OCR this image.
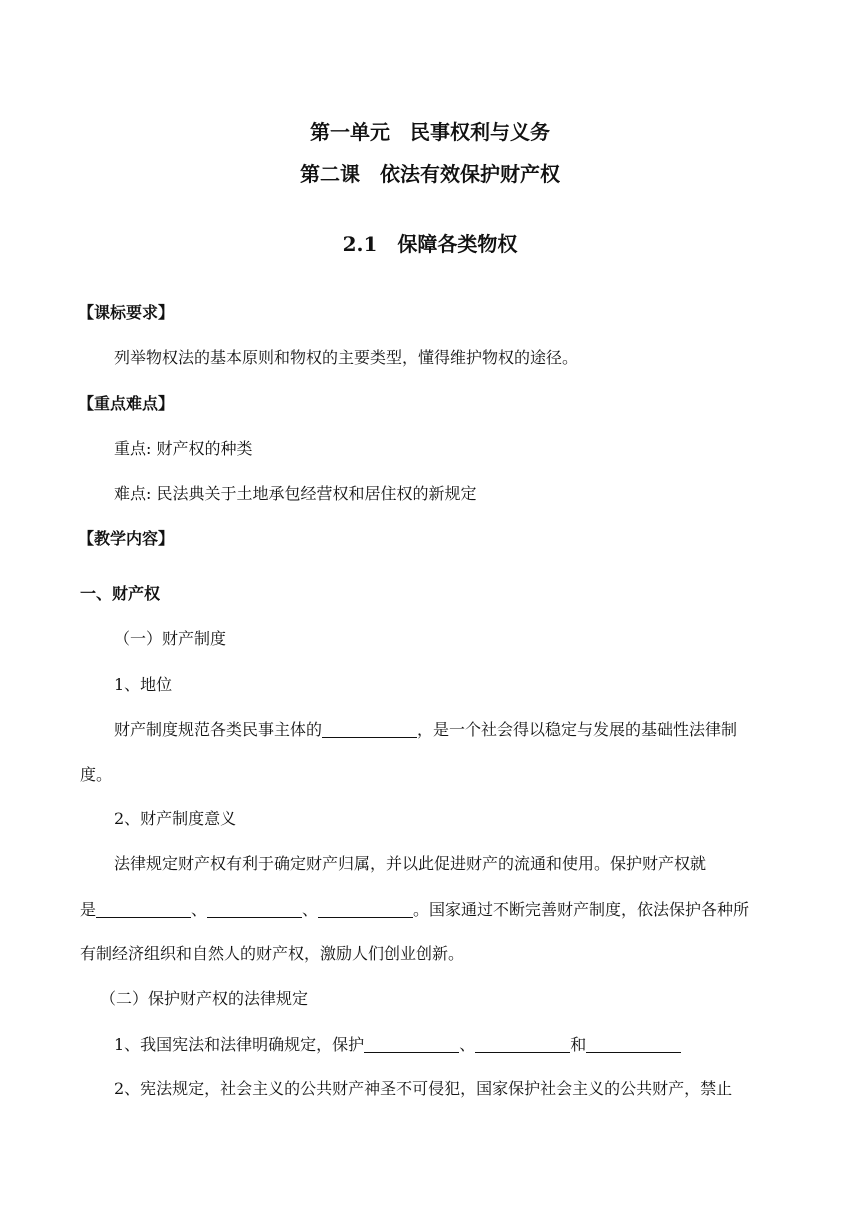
第一单元　民事权利与义务
第二课　依法有效保护财产权
2.1　保障各类物权
【课标要求】
列举物权法的基本原则和物权的主要类型，懂得维护物权的途径。
【重点难点】
重点: 财产权的种类
难点: 民法典关于土地承包经营权和居住权的新规定
【教学内容】
一、财产权
（一）财产制度
1、地位
财产制度规范各类民事主体的	，是一个社会得以稳定与发展的基础性法律制
度。
2、财产制度意义
法律规定财产权有利于确定财产归属，并以此促进财产的流通和使用。保护财产权就
是	、	、	。国家通过不断完善财产制度，依法保护各种所
有制经济组织和自然人的财产权，激励人们创业创新。
（二）保护财产权的法律规定
1、我国宪法和法律明确规定，保护	、	和
2、宪法规定，社会主义的公共财产神圣不可侵犯，国家保护社会主义的公共财产，禁止
